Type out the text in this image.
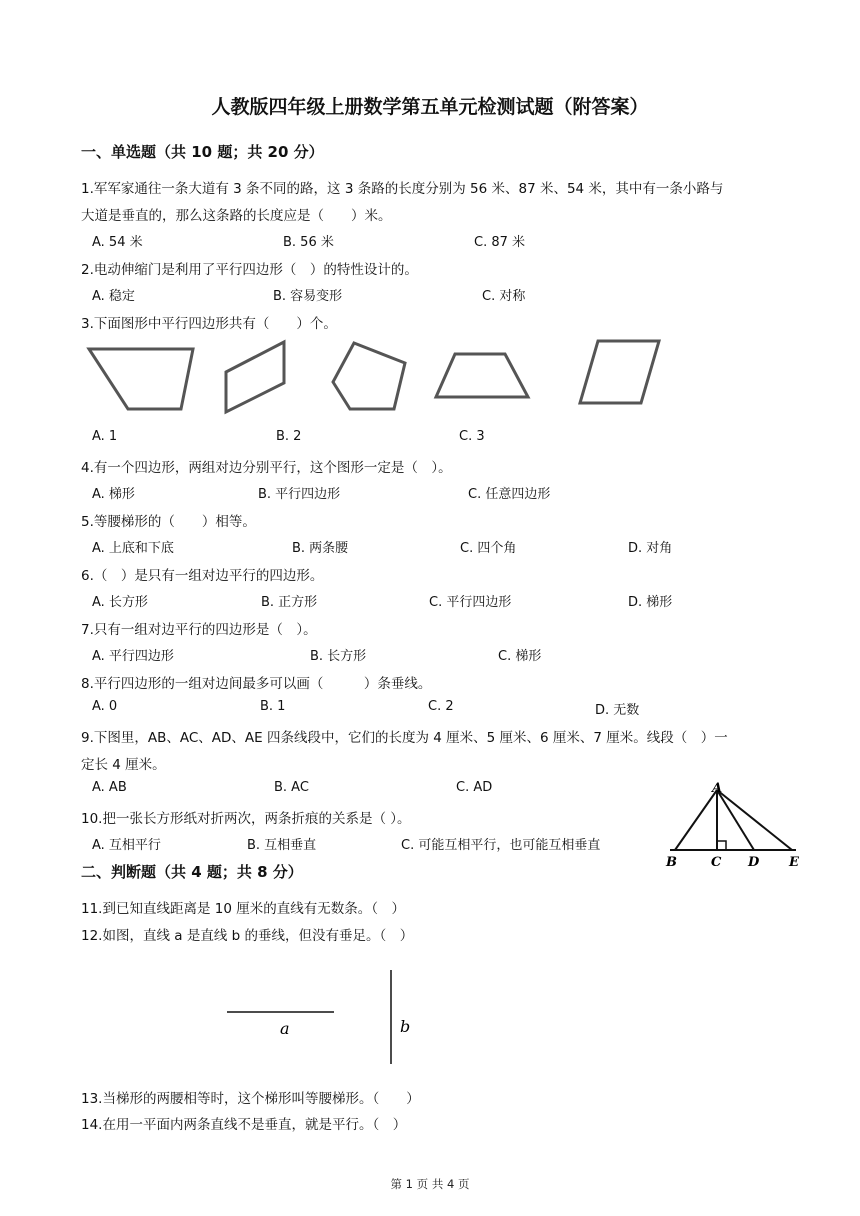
人教版四年级上册数学第五单元检测试题（附答案）
一、单选题（共 10 题；共 20 分）
1.军军家通往一条大道有 3 条不同的路，这 3 条路的长度分别为 56 米、87 米、54 米，其中有一条小路与
大道是垂直的，那么这条路的长度应是（　　）米。
A. 54 米	B. 56 米	C. 87 米
2.电动伸缩门是利用了平行四边形（　）的特性设计的。
A. 稳定	B. 容易变形	C. 对称
3.下面图形中平行四边形共有（　　）个。
A. 1	B. 2	C. 3
4.有一个四边形，两组对边分别平行，这个图形一定是（　）。
A. 梯形	B. 平行四边形	C. 任意四边形
5.等腰梯形的（　　）相等。
A. 上底和下底	B. 两条腰	C. 四个角	D. 对角
6.（　）是只有一组对边平行的四边形。
A. 长方形	B. 正方形	C. 平行四边形	D. 梯形
7.只有一组对边平行的四边形是（　）。
A. 平行四边形	B. 长方形	C. 梯形
8.平行四边形的一组对边间最多可以画（　　　）条垂线。
A. 0	B. 1	C. 2	D. 无数
9.下图里，AB、AC、AD、AE 四条线段中，它们的长度为 4 厘米、5 厘米、6 厘米、7 厘米。线段（　）一
定长 4 厘米。
A. AB	B. AC	C. AD	A
B	C D E
10.把一张长方形纸对折两次，两条折痕的关系是（ ）。
A. 互相平行	B. 互相垂直	C. 可能互相平行，也可能互相垂直
二、判断题（共 4 题；共 8 分）
11.到已知直线距离是 10 厘米的直线有无数条。（　）
12.如图，直线 a 是直线 b 的垂线，但没有垂足。（　）
a	b
13.当梯形的两腰相等时，这个梯形叫等腰梯形。（　　）
14.在用一平面内两条直线不是垂直，就是平行。（　）
第 1 页 共 4 页
